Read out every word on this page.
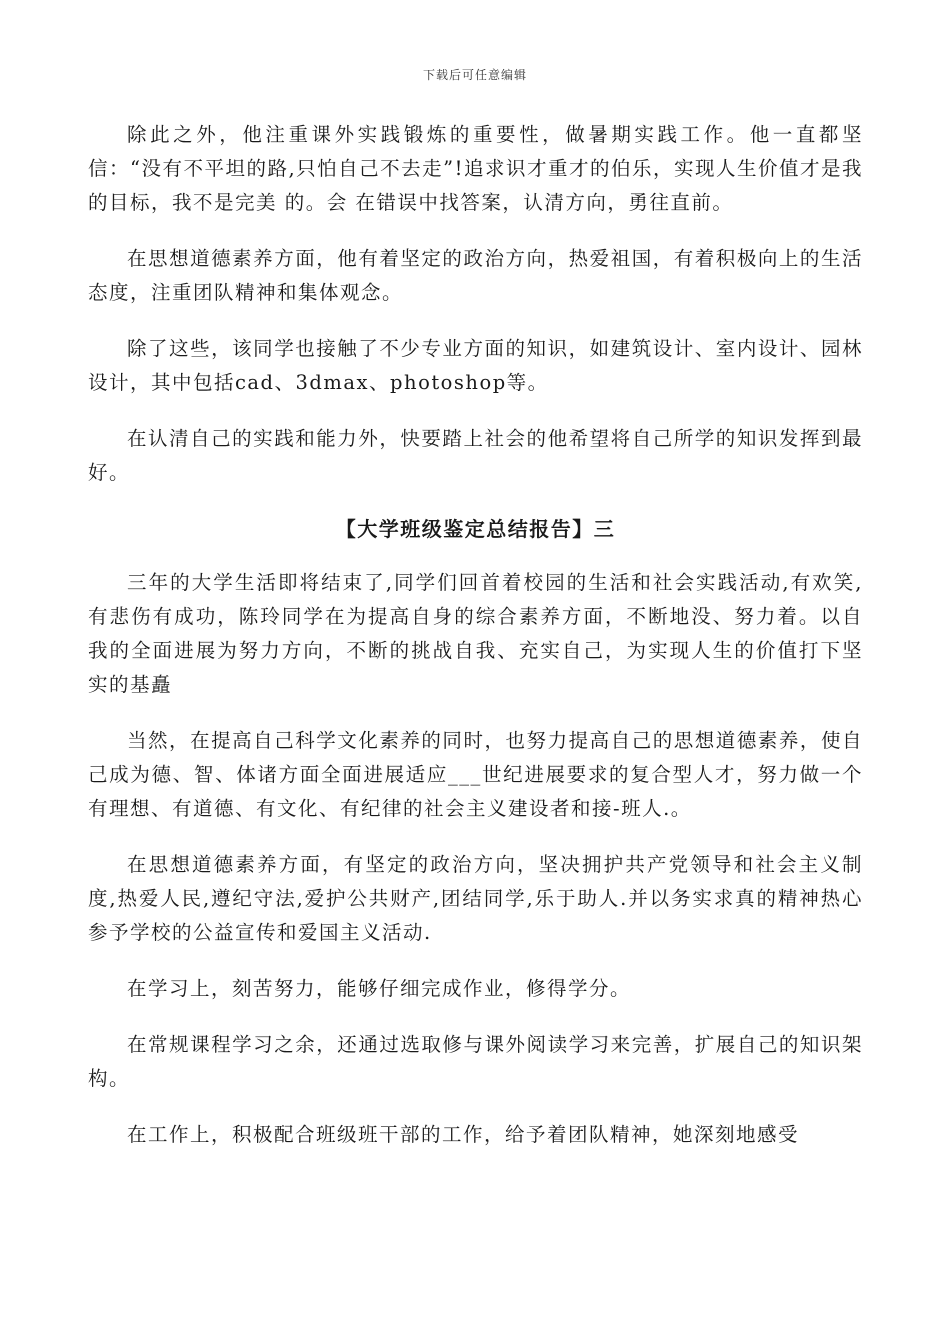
下载后可任意编辑

除此之外，他注重课外实践锻炼的重要性，做暑期实践工作。他一直都坚信：“没有不平坦的路,只怕自己不去走”!追求识才重才的伯乐，实现人生价值才是我的目标，我不是完美 的。会 在错误中找答案，认清方向，勇往直前。

在思想道德素养方面，他有着坚定的政治方向，热爱祖国，有着积极向上的生活态度，注重团队精神和集体观念。

除了这些，该同学也接触了不少专业方面的知识，如建筑设计、室内设计、园林设计，其中包括cad、3dmax、photoshop等。

在认清自己的实践和能力外，快要踏上社会的他希望将自己所学的知识发挥到最好。

【大学班级鉴定总结报告】三

三年的大学生活即将结束了,同学们回首着校园的生活和社会实践活动,有欢笑,有悲伤有成功，陈玲同学在为提高自身的综合素养方面，不断地没、努力着。以自我的全面进展为努力方向，不断的挑战自我、充实自己，为实现人生的价值打下坚实的基矗

当然，在提高自己科学文化素养的同时，也努力提高自己的思想道德素养，使自己成为德、智、体诸方面全面进展适应___世纪进展要求的复合型人才，努力做一个有理想、有道德、有文化、有纪律的社会主义建设者和接-班人.。

在思想道德素养方面，有坚定的政治方向，坚决拥护共产党领导和社会主义制度,热爱人民,遵纪守法,爱护公共财产,团结同学,乐于助人.并以务实求真的精神热心参予学校的公益宣传和爱国主义活动.

在学习上，刻苦努力，能够仔细完成作业，修得学分。

在常规课程学习之余，还通过选取修与课外阅读学习来完善，扩展自己的知识架构。

在工作上，积极配合班级班干部的工作，给予着团队精神，她深刻地感受
